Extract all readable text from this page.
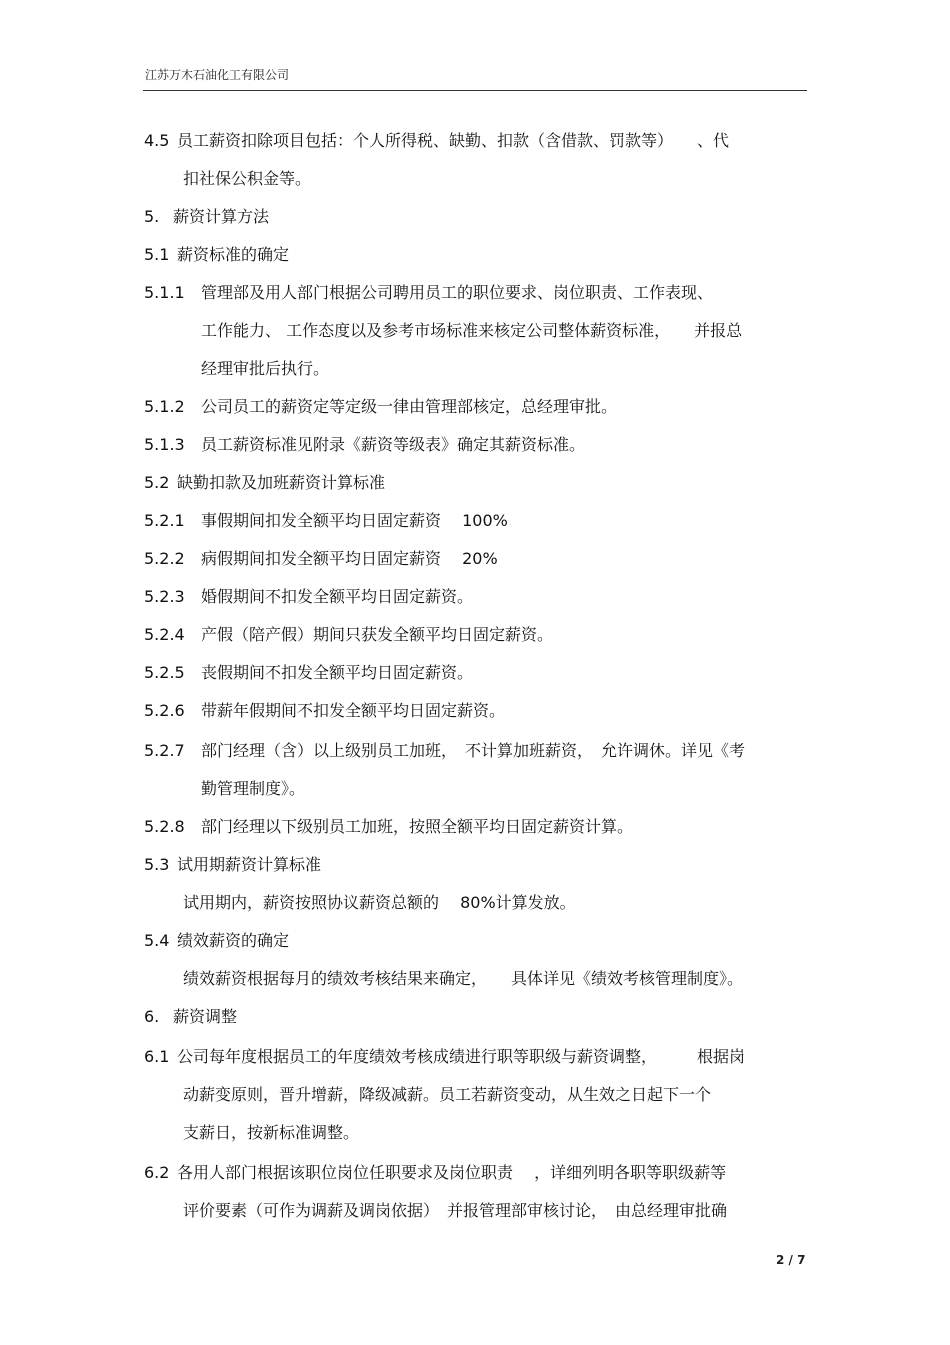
江苏万木石油化工有限公司
4.5 员工薪资扣除项目包括：个人所得税、缺勤、扣款（含借款、罚款等）　　、代
扣社保公积金等。
5. 薪资计算方法
5.1 薪资标准的确定
5.1.1 管理部及用人部门根据公司聘用员工的职位要求、岗位职责、工作表现、
工作能力、 工作态度以及参考市场标准来核定公司整体薪资标准，　　并报总
经理审批后执行。
5.1.2 公司员工的薪资定等定级一律由管理部核定，总经理审批。
5.1.3 员工薪资标准见附录《薪资等级表》确定其薪资标准。
5.2 缺勤扣款及加班薪资计算标准
5.2.1 事假期间扣发全额平均日固定薪资　 100%
5.2.2 病假期间扣发全额平均日固定薪资　 20%
5.2.3 婚假期间不扣发全额平均日固定薪资。
5.2.4 产假（陪产假）期间只获发全额平均日固定薪资。
5.2.5 丧假期间不扣发全额平均日固定薪资。
5.2.6 带薪年假期间不扣发全额平均日固定薪资。
5.2.7 部门经理（含）以上级别员工加班，　不计算加班薪资，　允许调休。详见《考
勤管理制度》。
5.2.8 部门经理以下级别员工加班，按照全额平均日固定薪资计算。
5.3 试用期薪资计算标准
试用期内，薪资按照协议薪资总额的　 80%计算发放。
5.4 绩效薪资的确定
绩效薪资根据每月的绩效考核结果来确定，　　具体详见《绩效考核管理制度》。
6. 薪资调整
6.1 公司每年度根据员工的年度绩效考核成绩进行职等职级与薪资调整，　　　根据岗
动薪变原则，晋升增薪，降级减薪。员工若薪资变动，从生效之日起下一个
支薪日，按新标准调整。
6.2 各用人部门根据该职位岗位任职要求及岗位职责　 ，详细列明各职等职级薪等
评价要素（可作为调薪及调岗依据）　并报管理部审核讨论，　由总经理审批确
2 / 7
